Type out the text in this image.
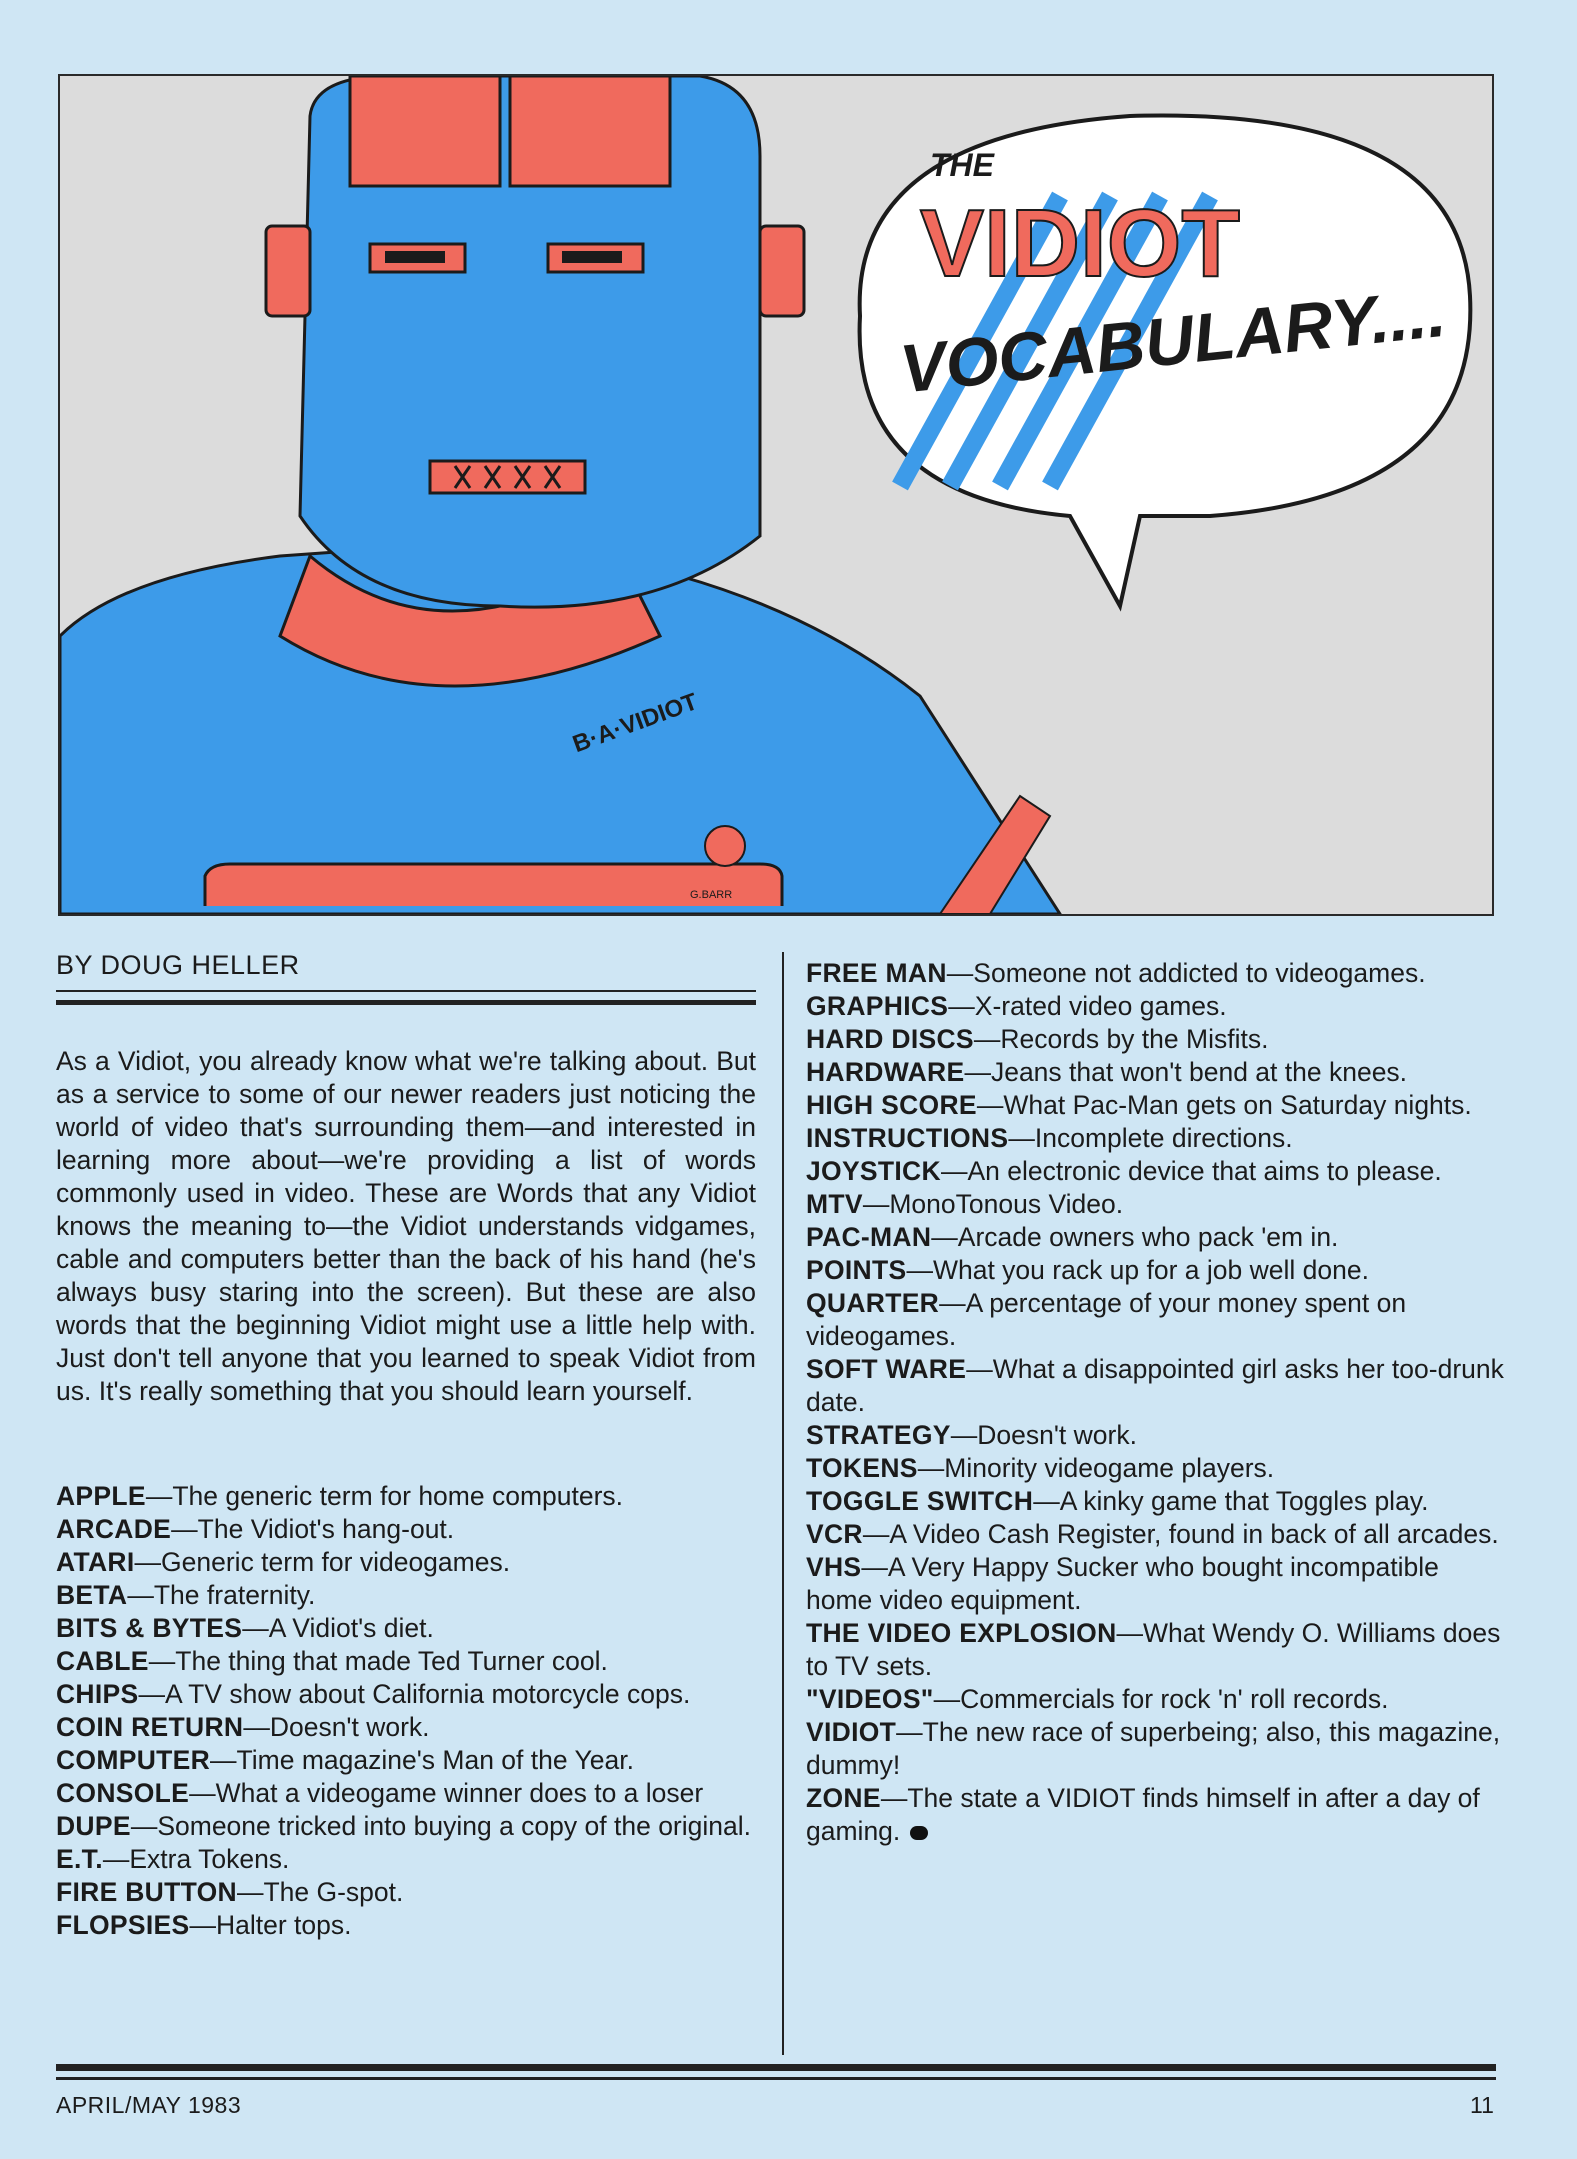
B·A·VIDIOT
G.BARR
THE
VIDIOT
VOCABULARY....
BY DOUG HELLER

As a Vidiot, you already know what we're talking about. But as a service to some of our newer readers just noticing the world of video that's surrounding them—and interested in learning more about—we're providing a list of words commonly used in video. These are Words that any Vidiot knows the meaning to—the Vidiot understands vidgames, cable and computers better than the back of his hand (he's always busy staring into the screen). But these are also words that the beginning Vidiot might use a little help with. Just don't tell anyone that you learned to speak Vidiot from us. It's really something that you should learn yourself.

APPLE—The generic term for home computers.

ARCADE—The Vidiot's hang-out.

ATARI—Generic term for videogames.

BETA—The fraternity.

BITS & BYTES—A Vidiot's diet.

CABLE—The thing that made Ted Turner cool.

CHIPS—A TV show about California motorcycle cops.

COIN RETURN—Doesn't work.

COMPUTER—Time magazine's Man of the Year.

CONSOLE—What a videogame winner does to a loser

DUPE—Someone tricked into buying a copy of the original.

E.T.—Extra Tokens.

FIRE BUTTON—The G-spot.

FLOPSIES—Halter tops.

FREE MAN—Someone not addicted to videogames.

GRAPHICS—X-rated video games.

HARD DISCS—Records by the Misfits.

HARDWARE—Jeans that won't bend at the knees.

HIGH SCORE—What Pac-Man gets on Saturday nights.

INSTRUCTIONS—Incomplete directions.

JOYSTICK—An electronic device that aims to please.

MTV—MonoTonous Video.

PAC-MAN—Arcade owners who pack 'em in.

POINTS—What you rack up for a job well done.

QUARTER—A percentage of your money spent on videogames.

SOFT WARE—What a disappointed girl asks her too-drunk date.

STRATEGY—Doesn't work.

TOKENS—Minority videogame players.

TOGGLE SWITCH—A kinky game that Toggles play.

VCR—A Video Cash Register, found in back of all arcades.

VHS—A Very Happy Sucker who bought incompatible home video equipment.

THE VIDEO EXPLOSION—What Wendy O. Williams does to TV sets.

"VIDEOS"—Commercials for rock 'n' roll records.

VIDIOT—The new race of superbeing; also, this magazine, dummy!

ZONE—The state a VIDIOT finds himself in after a day of gaming.

APRIL/MAY 1983	11
